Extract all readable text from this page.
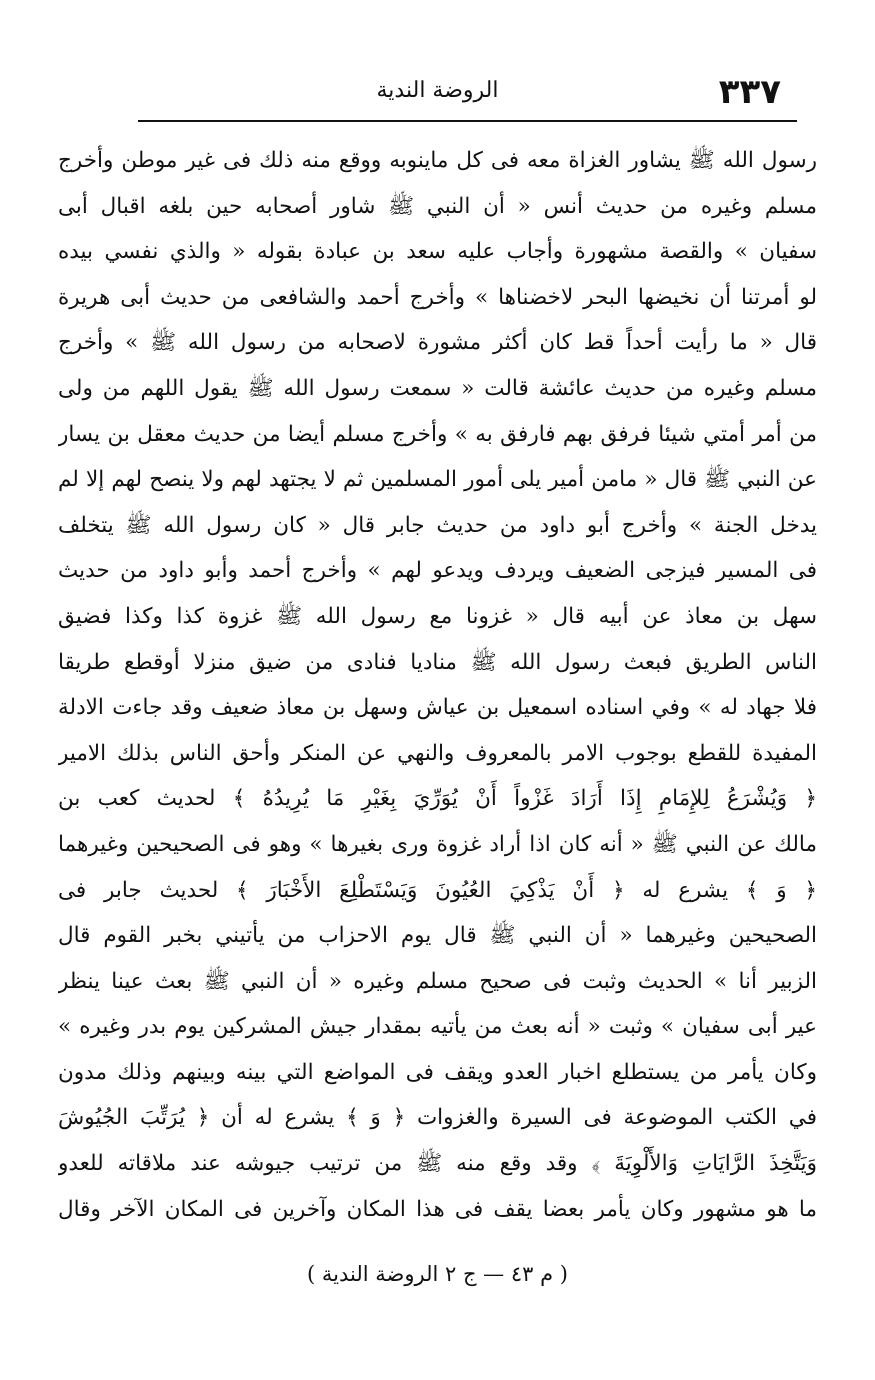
٣٣٧
الروضة الندية
رسول الله ﷺ يشاور الغزاة معه فى كل ماينوبه ووقع منه ذلك فى غير موطن وأخرج
مسلم وغيره من حديث أنس « أن النبي ﷺ شاور أصحابه حين بلغه اقبال أبى
سفيان » والقصة مشهورة وأجاب عليه سعد بن عبادة بقوله « والذي نفسي بيده
لو أمرتنا أن نخيضها البحر لاخضناها » وأخرج أحمد والشافعى من حديث أبى هريرة
قال « ما رأيت أحداً قط كان أكثر مشورة لاصحابه من رسول الله ﷺ » وأخرج
مسلم وغيره من حديث عائشة قالت « سمعت رسول الله ﷺ يقول اللهم من ولى
من أمر أمتي شيئا فرفق بهم فارفق به » وأخرج مسلم أيضا من حديث معقل بن يسار
عن النبي ﷺ قال « مامن أمير يلى أمور المسلمين ثم لا يجتهد لهم ولا ينصح لهم إلا لم
يدخل الجنة » وأخرج أبو داود من حديث جابر قال « كان رسول الله ﷺ يتخلف
فى المسير فيزجى الضعيف ويردف ويدعو لهم » وأخرج أحمد وأبو داود من حديث
سهل بن معاذ عن أبيه قال « غزونا مع رسول الله ﷺ غزوة كذا وكذا فضيق
الناس الطريق فبعث رسول الله ﷺ مناديا فنادى من ضيق منزلا أوقطع طريقا
فلا جهاد له » وفي اسناده اسمعيل بن عياش وسهل بن معاذ ضعيف وقد جاءت الادلة
المفيدة للقطع بوجوب الامر بالمعروف والنهي عن المنكر وأحق الناس بذلك الامير
﴿ وَيُشْرَعُ لِلإِمَامِ إِذَا أَرَادَ غَزْواً أَنْ يُوَرِّيَ بِغَيْرِ مَا يُرِيدُهُ ﴾ لحديث كعب بن
مالك عن النبي ﷺ « أنه كان اذا أراد غزوة ورى بغيرها » وهو فى الصحيحين وغيرهما
﴿ وَ ﴾ يشرع له ﴿ أَنْ يَذْكِيَ العُيُونَ وَيَسْتَطْلِعَ الأَخْبَارَ ﴾ لحديث جابر فى
الصحيحين وغيرهما « أن النبي ﷺ قال يوم الاحزاب من يأتيني بخبر القوم قال
الزبير أنا » الحديث وثبت فى صحيح مسلم وغيره « أن النبي ﷺ بعث عينا ينظر
عير أبى سفيان » وثبت « أنه بعث من يأتيه بمقدار جيش المشركين يوم بدر وغيره »
وكان يأمر من يستطلع اخبار العدو ويقف فى المواضع التي بينه وبينهم وذلك مدون
في الكتب الموضوعة فى السيرة والغزوات ﴿ وَ ﴾ يشرع له أن ﴿ يُرَتِّبَ الجُيُوشَ
وَيَتَّخِذَ الرَّايَاتِ وَالأَلْوِيَةَ ﴾ وقد وقع منه ﷺ من ترتيب جيوشه عند ملاقاته للعدو
ما هو مشهور وكان يأمر بعضا يقف فى هذا المكان وآخرين فى المكان الآخر وقال
( م ٤٣ — ج ٢ الروضة الندية )
